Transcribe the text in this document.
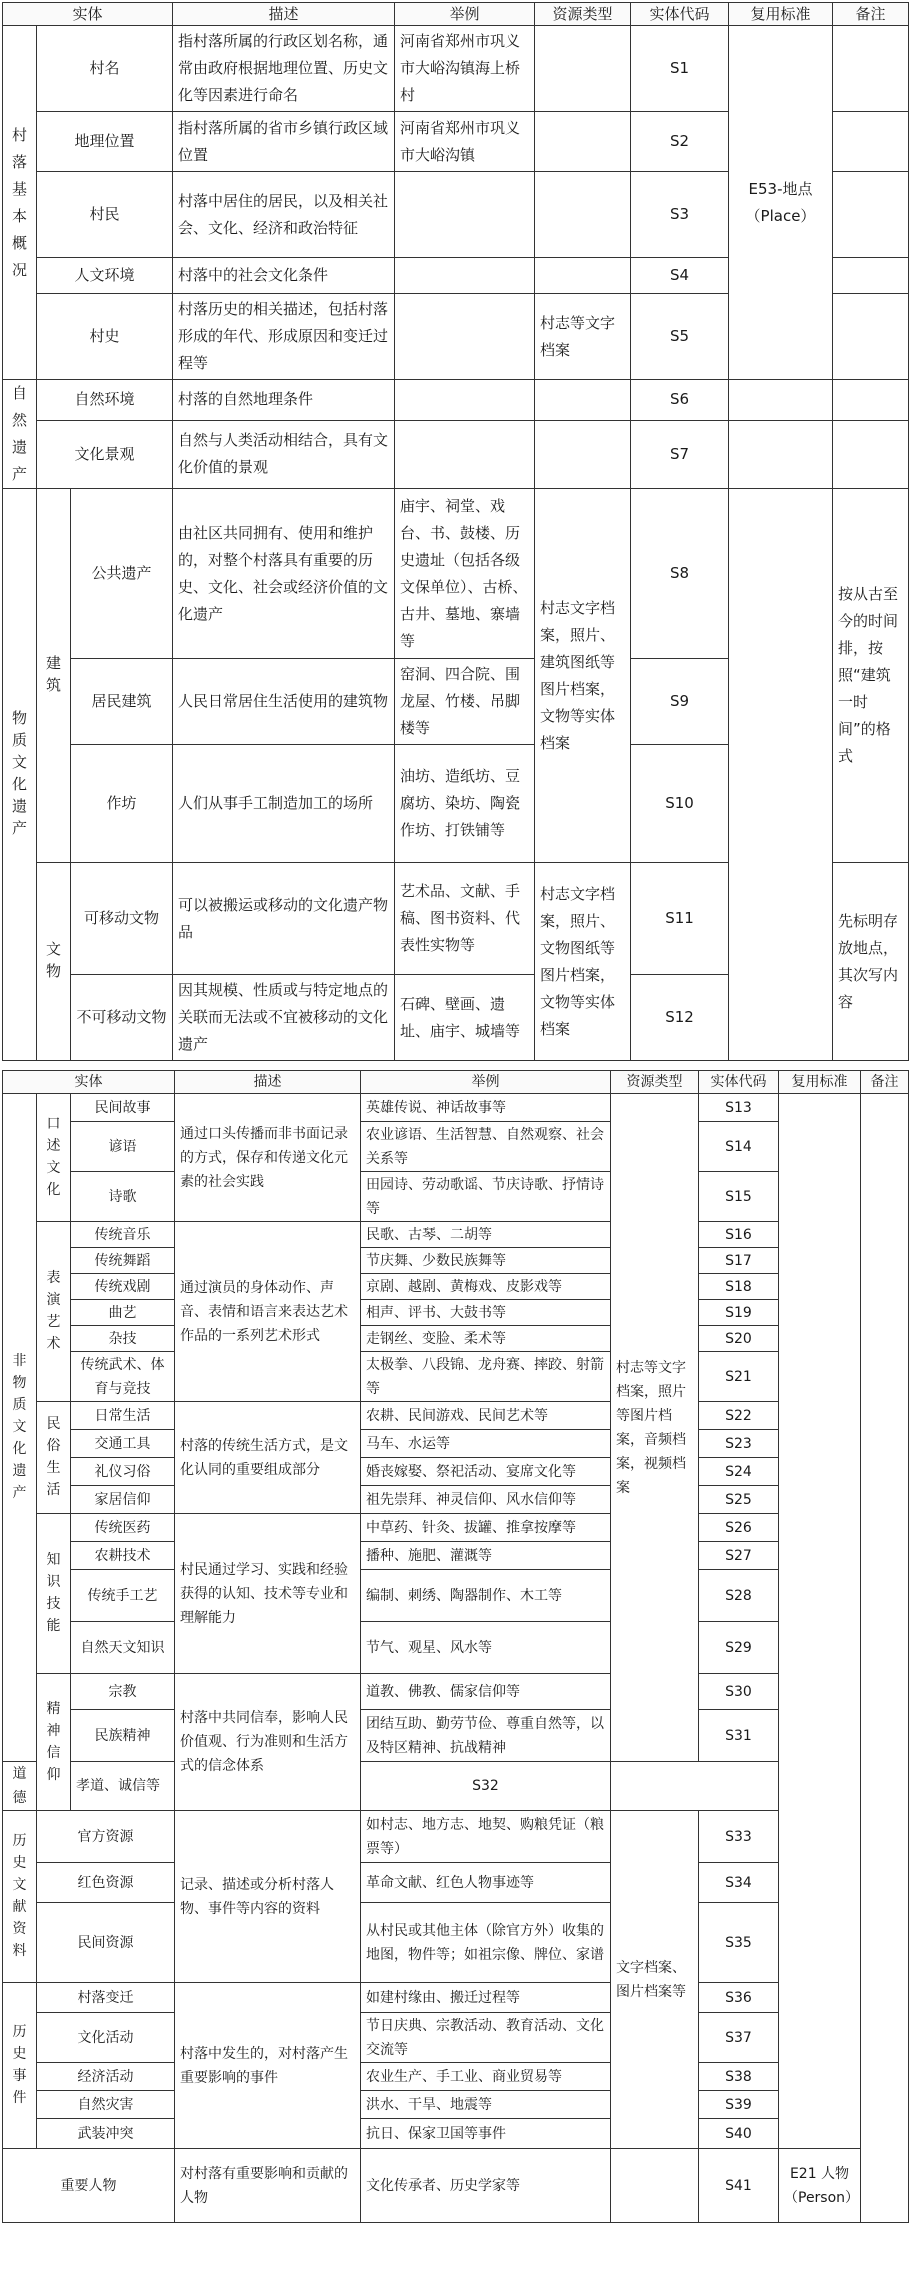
实体			描述	举例	资源类型	实体代码	复用标准	备注
村落基本概况	村名		指村落所属的行政区划名称，通常由政府根据地理位置、历史文化等因素进行命名	河南省郑州市巩义市大峪沟镇海上桥村		S1	E53-地点（Place）	
	地理位置		指村落所属的省市乡镇行政区域位置	河南省郑州市巩义市大峪沟镇		S2		
	村民		村落中居住的居民，以及相关社会、文化、经济和政治特征			S3		
	人文环境		村落中的社会文化条件			S4		
	村史		村落历史的相关描述，包括村落形成的年代、形成原因和变迁过程等		村志等文字档案	S5		
自然遗产	自然环境		村落的自然地理条件			S6		
	文化景观		自然与人类活动相结合，具有文化价值的景观			S7		
物质文化遗产	建筑	公共遗产	由社区共同拥有、使用和维护的，对整个村落具有重要的历史、文化、社会或经济价值的文化遗产	庙宇、祠堂、戏台、书、鼓楼、历史遗址（包括各级文保单位）、古桥、古井、墓地、寨墙等	村志文字档案，照片、建筑图纸等图片档案，文物等实体档案	S8		按从古至今的时间排，按照“建筑一时间”的格式
		居民建筑	人民日常居住生活使用的建筑物	窑洞、四合院、围龙屋、竹楼、吊脚楼等		S9		
		作坊	人们从事手工制造加工的场所	油坊、造纸坊、豆腐坊、染坊、陶瓷作坊、打铁铺等		S10		
	文物	可移动文物	可以被搬运或移动的文化遗产物品	艺术品、文献、手稿、图书资料、代表性实物等	村志文字档案，照片、文物图纸等图片档案，文物等实体档案	S11		先标明存放地点，其次写内容
		不可移动文物	因其规模、性质或与特定地点的关联而无法或不宜被移动的文化遗产	石碑、壁画、遗址、庙宇、城墙等		S12		
实体			描述	举例	资源类型	实体代码	复用标准	备注
非物质文化遗产	口述文化	民间故事	通过口头传播而非书面记录的方式，保存和传递文化元素的社会实践	英雄传说、神话故事等	村志等文字档案，照片等图片档案，音频档案，视频档案	S13		
		谚语		农业谚语、生活智慧、自然观察、社会关系等		S14		
		诗歌		田园诗、劳动歌谣、节庆诗歌、抒情诗等		S15		
	表演艺术	传统音乐	通过演员的身体动作、声音、表情和语言来表达艺术作品的一系列艺术形式	民歌、古琴、二胡等		S16		
		传统舞蹈		节庆舞、少数民族舞等		S17		
		传统戏剧		京剧、越剧、黄梅戏、皮影戏等		S18		
		曲艺		相声、评书、大鼓书等		S19		
		杂技		走钢丝、变脸、柔术等		S20		
		传统武术、体育与竞技		太极拳、八段锦、龙舟赛、摔跤、射箭等		S21		
	民俗生活	日常生活	村落的传统生活方式，是文化认同的重要组成部分	农耕、民间游戏、民间艺术等		S22		
		交通工具		马车、水运等		S23		
		礼仪习俗		婚丧嫁娶、祭祀活动、宴席文化等		S24		
		家居信仰		祖先崇拜、神灵信仰、风水信仰等		S25		
	知识技能	传统医药	村民通过学习、实践和经验获得的认知、技术等专业和理解能力	中草药、针灸、拔罐、推拿按摩等		S26		
		农耕技术		播种、施肥、灌溉等		S27		
		传统手工艺		编制、刺绣、陶器制作、木工等		S28		
		自然天文知识		节气、观星、风水等		S29		
	精神信仰	宗教	村落中共同信奉，影响人民价值观、行为准则和生活方式的信念体系	道教、佛教、儒家信仰等		S30		
		民族精神		团结互助、勤劳节俭、尊重自然等，以及特区精神、抗战精神		S31		
道德		孝道、诚信等		S32				
历史文献资料	官方资源		记录、描述或分析村落人物、事件等内容的资料	如村志、地方志、地契、购粮凭证（粮票等）	文字档案、图片档案等	S33		
	红色资源			革命文献、红色人物事迹等		S34		
	民间资源			从村民或其他主体（除官方外）收集的地图，物件等；如祖宗像、牌位、家谱		S35		
历史事件	村落变迁		村落中发生的，对村落产生重要影响的事件	如建村缘由、搬迁过程等		S36		
	文化活动			节日庆典、宗教活动、教育活动、文化交流等		S37		
	经济活动			农业生产、手工业、商业贸易等		S38		
	自然灾害			洪水、干旱、地震等		S39		
	武装冲突			抗日、保家卫国等事件		S40		
重要人物			对村落有重要影响和贡献的人物	文化传承者、历史学家等		S41	E21 人物（Person）	
